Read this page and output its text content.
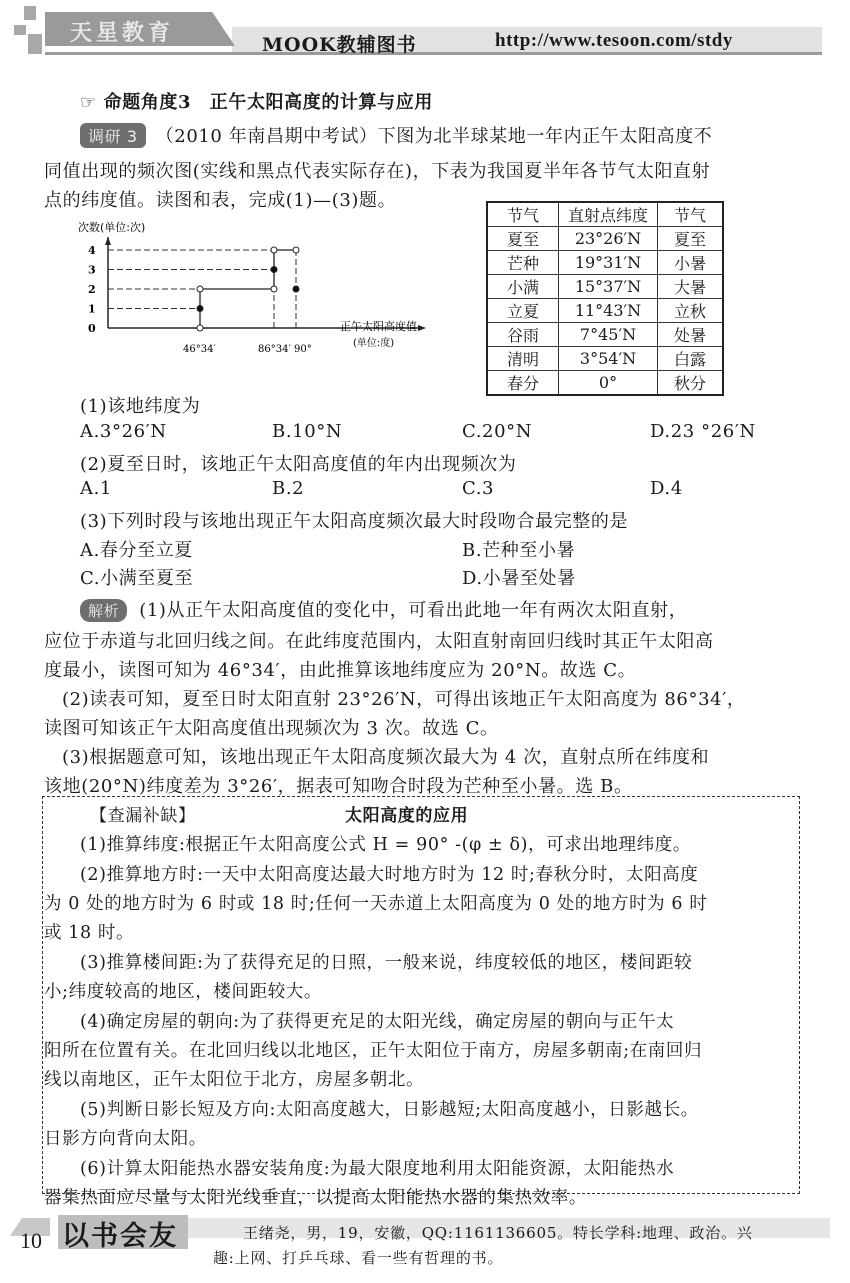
天星教育	MOOK教辅图书	http://www.tesoon.com/stdy
☞ 命题角度3　正午太阳高度的计算与应用
调研 3 （2010 年南昌期中考试）下图为北半球某地一年内正午太阳高度不
同值出现的频次图(实线和黑点代表实际存在)，下表为我国夏半年各节气太阳直射
点的纬度值。读图和表，完成(1)—(3)题。
0
1
2
3
4
46°34′	86°34′ 90°
次数(单位:次)
正午太阳高度值
(单位:度)
节气	直射点纬度	节气
夏至	23°26′N	夏至
芒种	19°31′N	小暑
小满	15°37′N	大暑
立夏	11°43′N	立秋
谷雨	7°45′N	处暑
清明	3°54′N	白露
春分	0°	秋分
(1)该地纬度为
A.3°26′N	B.10°N	C.20°N	D.23 °26′N
(2)夏至日时，该地正午太阳高度值的年内出现频次为
A.1	B.2	C.3	D.4
(3)下列时段与该地出现正午太阳高度频次最大时段吻合最完整的是
A.春分至立夏	B.芒种至小暑
C.小满至夏至	D.小暑至处暑
解析 (1)从正午太阳高度值的变化中，可看出此地一年有两次太阳直射，
应位于赤道与北回归线之间。在此纬度范围内，太阳直射南回归线时其正午太阳高
度最小，读图可知为 46°34′，由此推算该地纬度应为 20°N。故选 C。
(2)读表可知，夏至日时太阳直射 23°26′N，可得出该地正午太阳高度为 86°34′，
读图可知该正午太阳高度值出现频次为 3 次。故选 C。
(3)根据题意可知，该地出现正午太阳高度频次最大为 4 次，直射点所在纬度和
该地(20°N)纬度差为 3°26′，据表可知吻合时段为芒种至小暑。选 B。
【查漏补缺】	太阳高度的应用
(1)推算纬度:根据正午太阳高度公式 H = 90° -(φ ± δ)，可求出地理纬度。
(2)推算地方时:一天中太阳高度达最大时地方时为 12 时;春秋分时，太阳高度
为 0 处的地方时为 6 时或 18 时;任何一天赤道上太阳高度为 0 处的地方时为 6 时
或 18 时。
(3)推算楼间距:为了获得充足的日照，一般来说，纬度较低的地区，楼间距较
小;纬度较高的地区，楼间距较大。
(4)确定房屋的朝向:为了获得更充足的太阳光线，确定房屋的朝向与正午太
阳所在位置有关。在北回归线以北地区，正午太阳位于南方，房屋多朝南;在南回归
线以南地区，正午太阳位于北方，房屋多朝北。
(5)判断日影长短及方向:太阳高度越大，日影越短;太阳高度越小，日影越长。
日影方向背向太阳。
(6)计算太阳能热水器安装角度:为最大限度地利用太阳能资源，太阳能热水
器集热面应尽量与太阳光线垂直，以提高太阳能热水器的集热效率。
10 以书会友	王绪尧，男，19，安徽，QQ:1161136605。特长学科:地理、政治。兴
趣:上网、打乒乓球、看一些有哲理的书。
